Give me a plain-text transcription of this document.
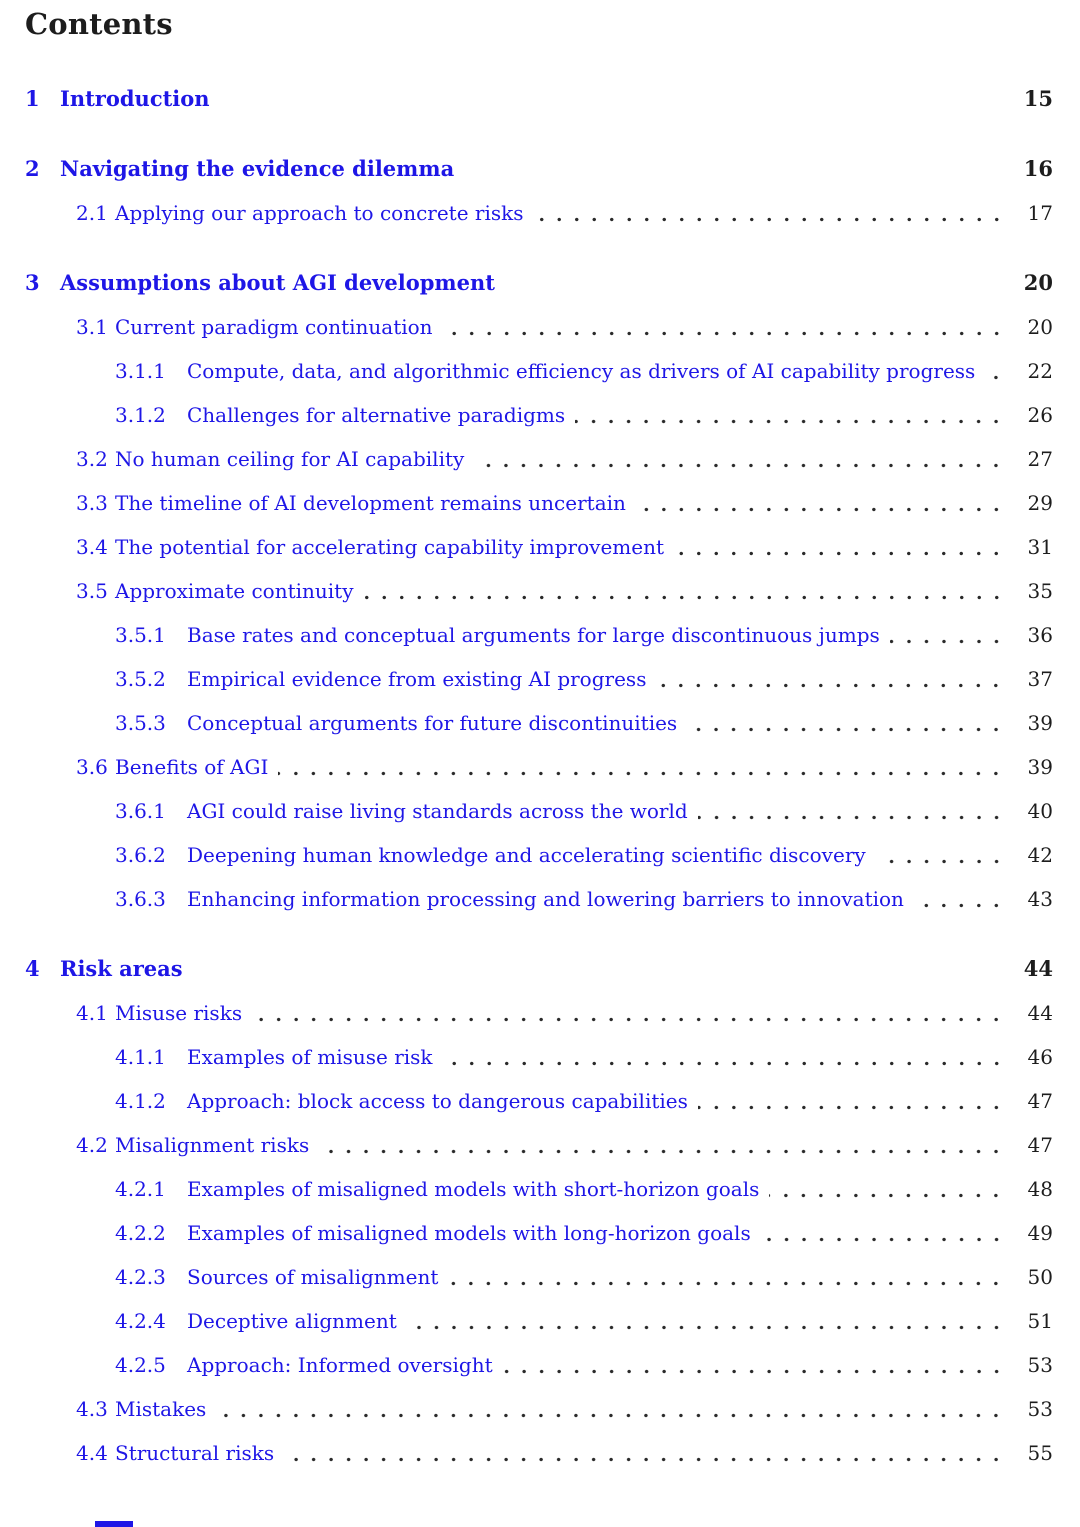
Contents
1 Introduction	15
2 Navigating the evidence dilemma	16
2.1 Applying our approach to concrete risks	17
3 Assumptions about AGI development	20
3.1 Current paradigm continuation	20
3.1.1	Compute, data, and algorithmic efficiency as drivers of AI capability progress	22
3.1.2	Challenges for alternative paradigms	26
3.2 No human ceiling for AI capability	27
3.3 The timeline of AI development remains uncertain	29
3.4 The potential for accelerating capability improvement	31
3.5 Approximate continuity	35
3.5.1	Base rates and conceptual arguments for large discontinuous jumps	36
3.5.2	Empirical evidence from existing AI progress	37
3.5.3	Conceptual arguments for future discontinuities	39
3.6 Benefits of AGI	39
3.6.1	AGI could raise living standards across the world	40
3.6.2	Deepening human knowledge and accelerating scientific discovery	42
3.6.3	Enhancing information processing and lowering barriers to innovation	43
4 Risk areas	44
4.1 Misuse risks	44
4.1.1	Examples of misuse risk	46
4.1.2	Approach: block access to dangerous capabilities	47
4.2 Misalignment risks	47
4.2.1	Examples of misaligned models with short-horizon goals	48
4.2.2	Examples of misaligned models with long-horizon goals	49
4.2.3	Sources of misalignment	50
4.2.4	Deceptive alignment	51
4.2.5	Approach: Informed oversight	53
4.3 Mistakes	53
4.4 Structural risks	55
